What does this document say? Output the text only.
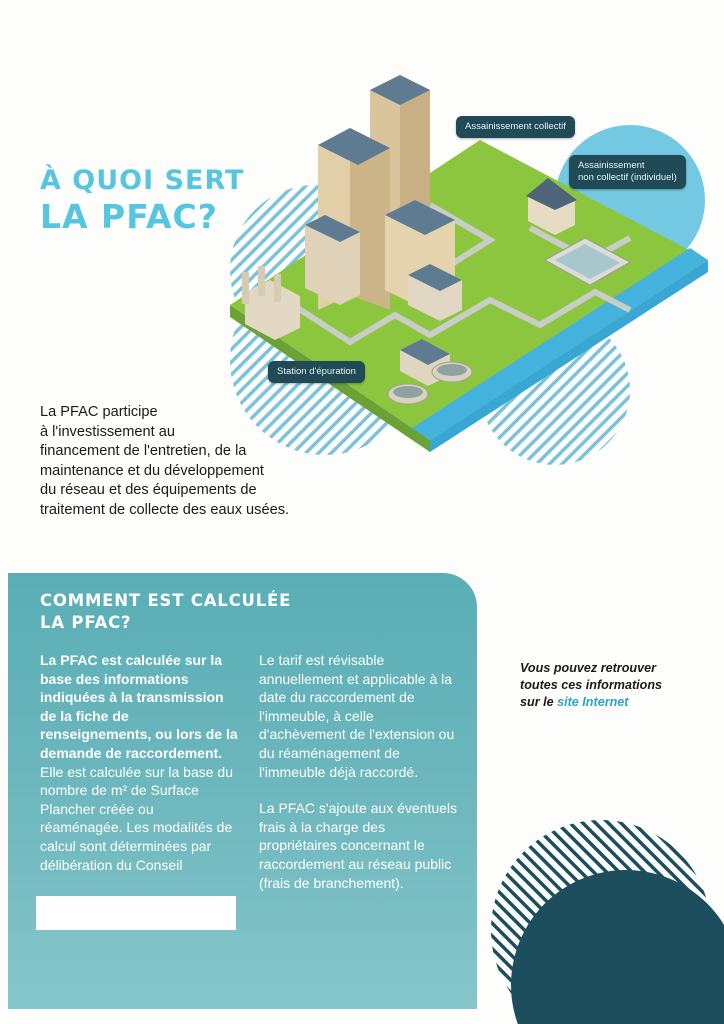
À QUOI SERT
LA PFAC?
Assainissement collectif
Assainissement
non collectif (individuel)
Station d'épuration
La PFAC participe
à l'investissement au
financement de l'entretien, de la
maintenance et du développement
du réseau et des équipements de
traitement de collecte des eaux usées.
COMMENT EST CALCULÉE
LA PFAC?

La PFAC est calculée sur la base des informations indiquées à la transmission de la fiche de renseignements, ou lors de la demande de raccordement.

Elle est calculée sur la base du nombre de m² de Surface Plancher créée ou réaménagée. Les modalités de calcul sont déterminées par délibération du Conseil

Le tarif est révisable annuellement et applicable à la date du raccordement de l'immeuble, à celle d'achèvement de l'extension ou du réaménagement de l'immeuble déjà raccordé.

La PFAC s'ajoute aux éventuels frais à la charge des propriétaires concernant le raccordement au réseau public (frais de branchement).

Vous pouvez retrouver
toutes ces informations
sur le site Internet
